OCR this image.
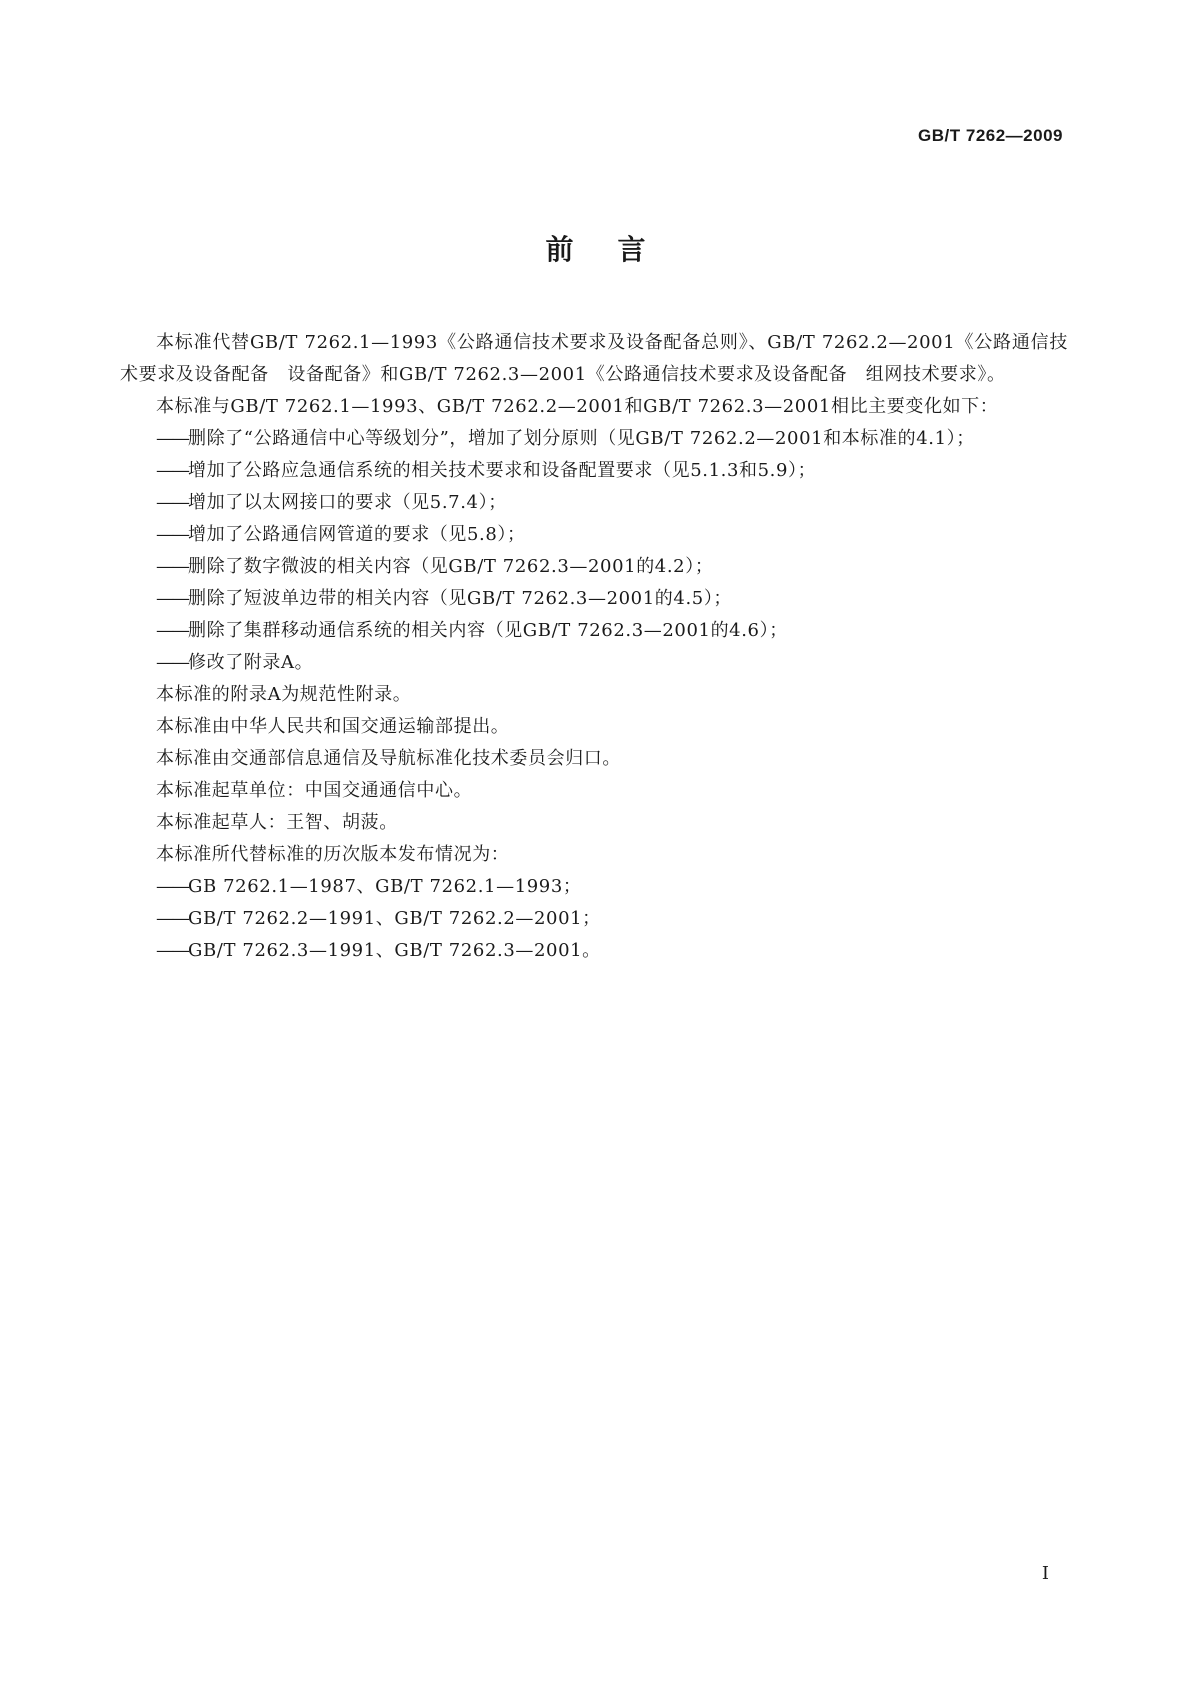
GB/T 7262—2009

前言

本标准代替GB/T 7262.1—1993《公路通信技术要求及设备配备总则》、GB/T 7262.2—2001《公路通信技术要求及设备配备　设备配备》和GB/T 7262.3—2001《公路通信技术要求及设备配备　组网技术要求》。

本标准与GB/T 7262.1—1993、GB/T 7262.2—2001和GB/T 7262.3—2001相比主要变化如下：

——删除了“公路通信中心等级划分”，增加了划分原则（见GB/T 7262.2—2001和本标准的4.1）；

——增加了公路应急通信系统的相关技术要求和设备配置要求（见5.1.3和5.9）；

——增加了以太网接口的要求（见5.7.4）；

——增加了公路通信网管道的要求（见5.8）；

——删除了数字微波的相关内容（见GB/T 7262.3—2001的4.2）；

——删除了短波单边带的相关内容（见GB/T 7262.3—2001的4.5）；

——删除了集群移动通信系统的相关内容（见GB/T 7262.3—2001的4.6）；

——修改了附录A。

本标准的附录A为规范性附录。

本标准由中华人民共和国交通运输部提出。

本标准由交通部信息通信及导航标准化技术委员会归口。

本标准起草单位：中国交通通信中心。

本标准起草人：王智、胡菠。

本标准所代替标准的历次版本发布情况为：

——GB 7262.1—1987、GB/T 7262.1—1993；

——GB/T 7262.2—1991、GB/T 7262.2—2001；

——GB/T 7262.3—1991、GB/T 7262.3—2001。

I
